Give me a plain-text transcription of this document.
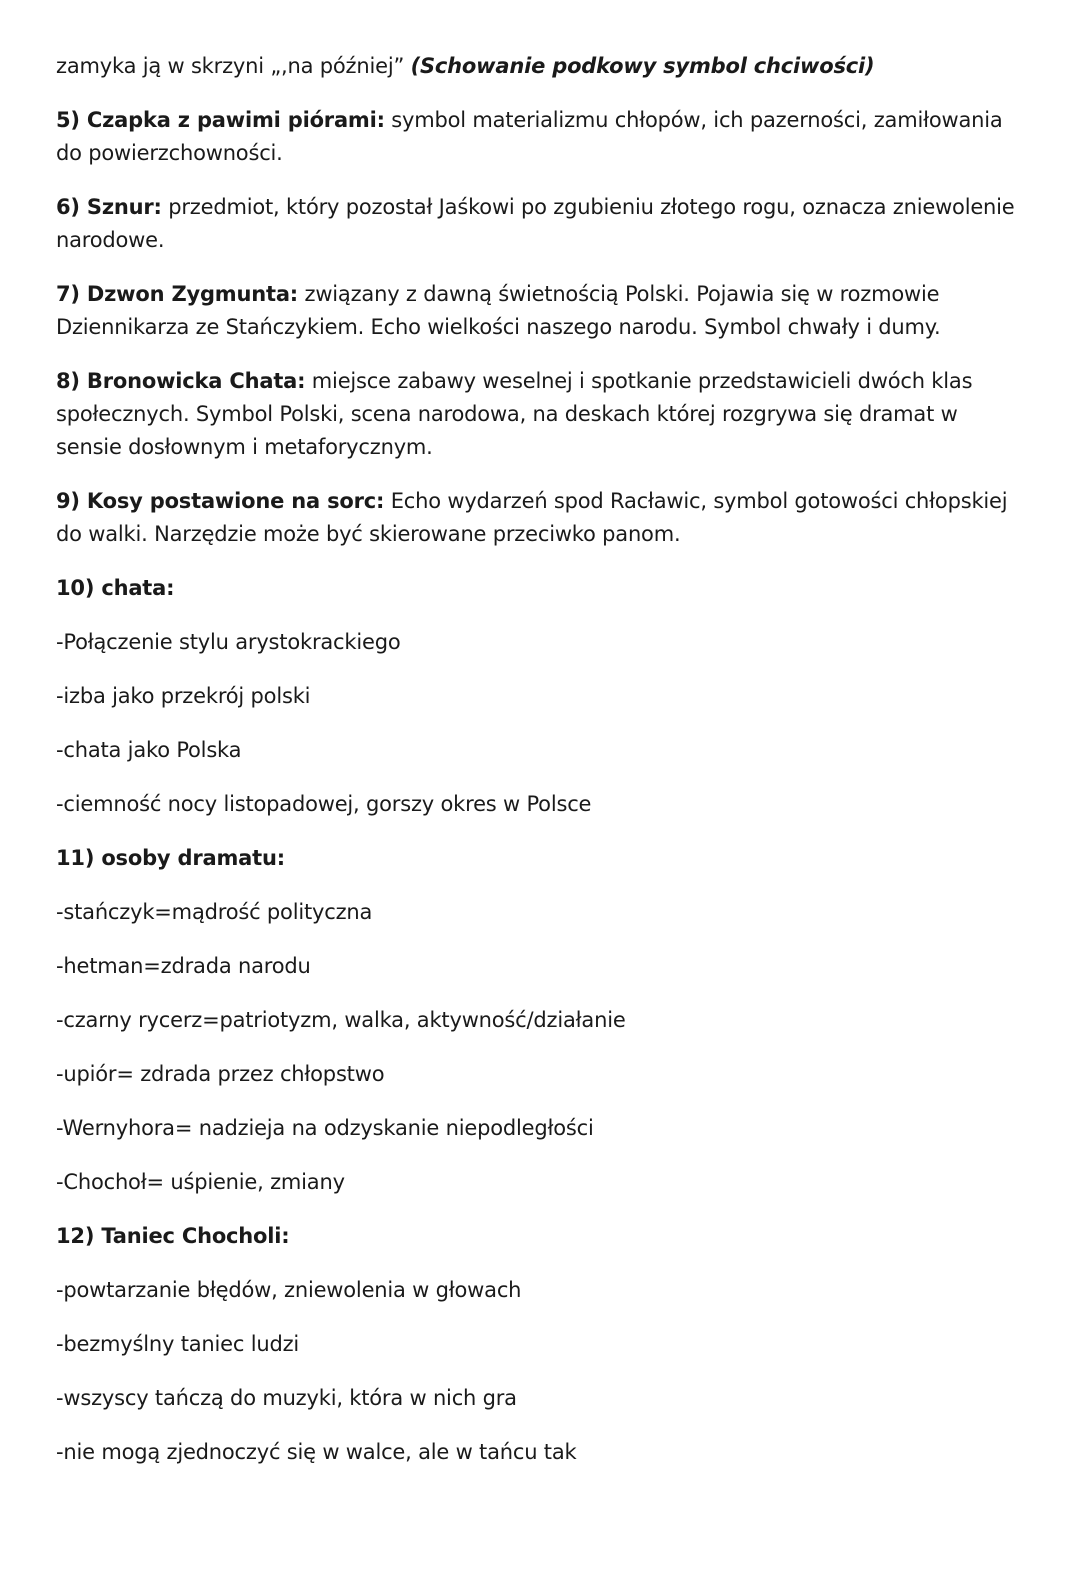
zamyka ją w skrzyni „,na później” (Schowanie podkowy symbol chciwości)

5) Czapka z pawimi piórami: symbol materializmu chłopów, ich pazerności, zamiłowania do powierzchowności.

6) Sznur: przedmiot, który pozostał Jaśkowi po zgubieniu złotego rogu, oznacza zniewolenie narodowe.

7) Dzwon Zygmunta: związany z dawną świetnością Polski. Pojawia się w rozmowie Dziennikarza ze Stańczykiem. Echo wielkości naszego narodu. Symbol chwały i dumy.

8) Bronowicka Chata: miejsce zabawy weselnej i spotkanie przedstawicieli dwóch klas społecznych. Symbol Polski, scena narodowa, na deskach której rozgrywa się dramat w sensie dosłownym i metaforycznym.

9) Kosy postawione na sorc: Echo wydarzeń spod Racławic, symbol gotowości chłopskiej do walki. Narzędzie może być skierowane przeciwko panom.

10) chata:

-Połączenie stylu arystokrackiego

-izba jako przekrój polski

-chata jako Polska

-ciemność nocy listopadowej, gorszy okres w Polsce

11) osoby dramatu:

-stańczyk=mądrość polityczna

-hetman=zdrada narodu

-czarny rycerz=patriotyzm, walka, aktywność/działanie

-upiór= zdrada przez chłopstwo

-Wernyhora= nadzieja na odzyskanie niepodległości

-Chochoł= uśpienie, zmiany

12) Taniec Chocholi:

-powtarzanie błędów, zniewolenia w głowach

-bezmyślny taniec ludzi

-wszyscy tańczą do muzyki, która w nich gra

-nie mogą zjednoczyć się w walce, ale w tańcu tak
